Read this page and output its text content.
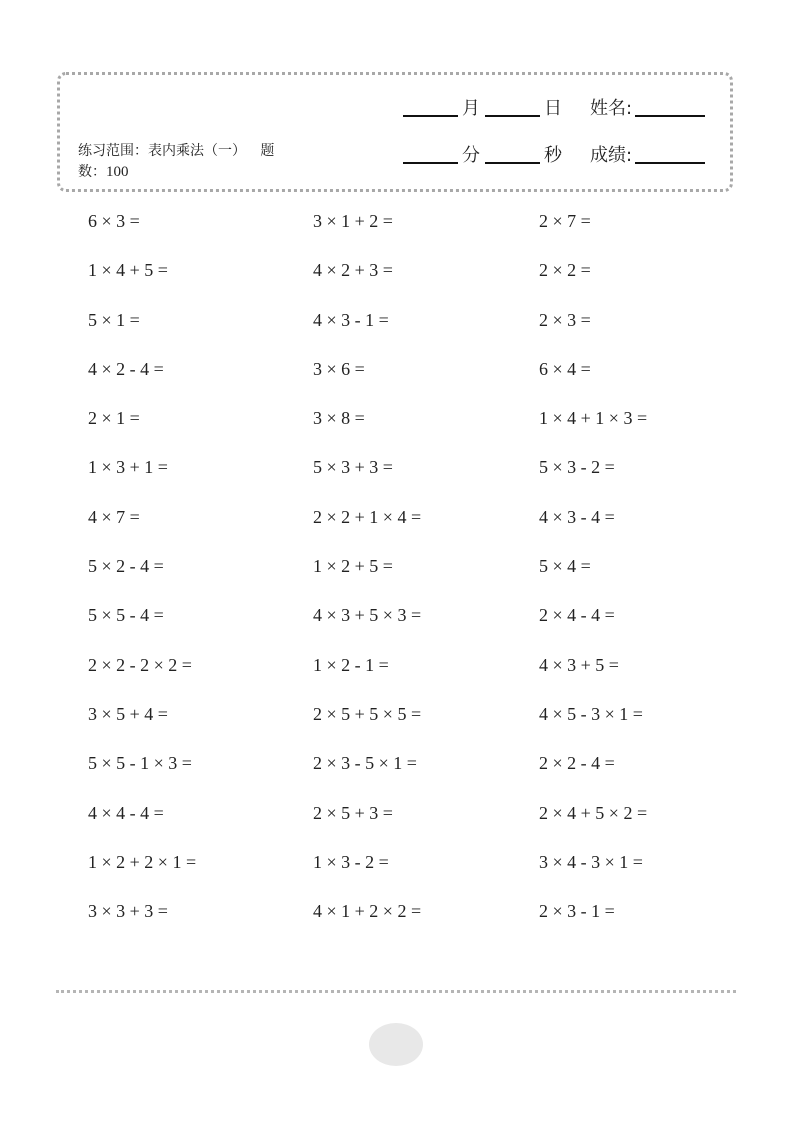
练习范围：表内乘法（一） 题
数：100
月	日 姓名:
分	秒 成绩:
6 × 3 =	3 × 1 + 2 =	2 × 7 =
1 × 4 + 5 =	4 × 2 + 3 =	2 × 2 =
5 × 1 =	4 × 3 - 1 =	2 × 3 =
4 × 2 - 4 =	3 × 6 =	6 × 4 =
2 × 1 =	3 × 8 =	1 × 4 + 1 × 3 =
1 × 3 + 1 =	5 × 3 + 3 =	5 × 3 - 2 =
4 × 7 =	2 × 2 + 1 × 4 =	4 × 3 - 4 =
5 × 2 - 4 =	1 × 2 + 5 =	5 × 4 =
5 × 5 - 4 =	4 × 3 + 5 × 3 =	2 × 4 - 4 =
2 × 2 - 2 × 2 =	1 × 2 - 1 =	4 × 3 + 5 =
3 × 5 + 4 =	2 × 5 + 5 × 5 =	4 × 5 - 3 × 1 =
5 × 5 - 1 × 3 =	2 × 3 - 5 × 1 =	2 × 2 - 4 =
4 × 4 - 4 =	2 × 5 + 3 =	2 × 4 + 5 × 2 =
1 × 2 + 2 × 1 =	1 × 3 - 2 =	3 × 4 - 3 × 1 =
3 × 3 + 3 =	4 × 1 + 2 × 2 =	2 × 3 - 1 =
